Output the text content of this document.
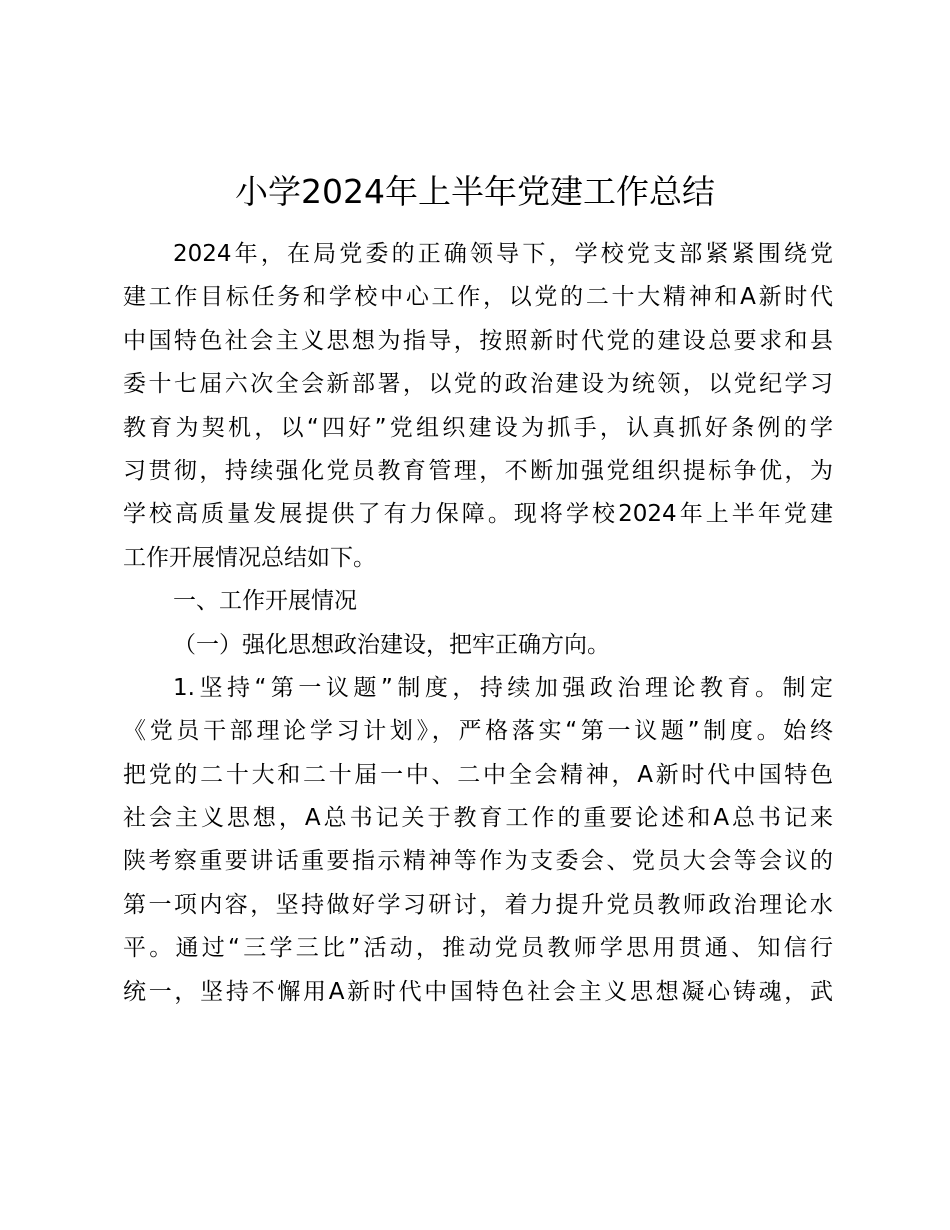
小学2024年上半年党建工作总结
2024年，在局党委的正确领导下，学校党支部紧紧围绕党
建工作目标任务和学校中心工作，以党的二十大精神和A新时代
中国特色社会主义思想为指导，按照新时代党的建设总要求和县
委十七届六次全会新部署，以党的政治建设为统领，以党纪学习
教育为契机，以“四好”党组织建设为抓手，认真抓好条例的学
习贯彻，持续强化党员教育管理，不断加强党组织提标争优，为
学校高质量发展提供了有力保障。现将学校2024年上半年党建
工作开展情况总结如下。
一、工作开展情况
（一）强化思想政治建设，把牢正确方向。
1.坚持“第一议题”制度，持续加强政治理论教育。制定
《党员干部理论学习计划》，严格落实“第一议题”制度。始终
把党的二十大和二十届一中、二中全会精神，A新时代中国特色
社会主义思想，A总书记关于教育工作的重要论述和A总书记来
陕考察重要讲话重要指示精神等作为支委会、党员大会等会议的
第一项内容，坚持做好学习研讨，着力提升党员教师政治理论水
平。通过“三学三比”活动，推动党员教师学思用贯通、知信行
统一，坚持不懈用A新时代中国特色社会主义思想凝心铸魂，武
